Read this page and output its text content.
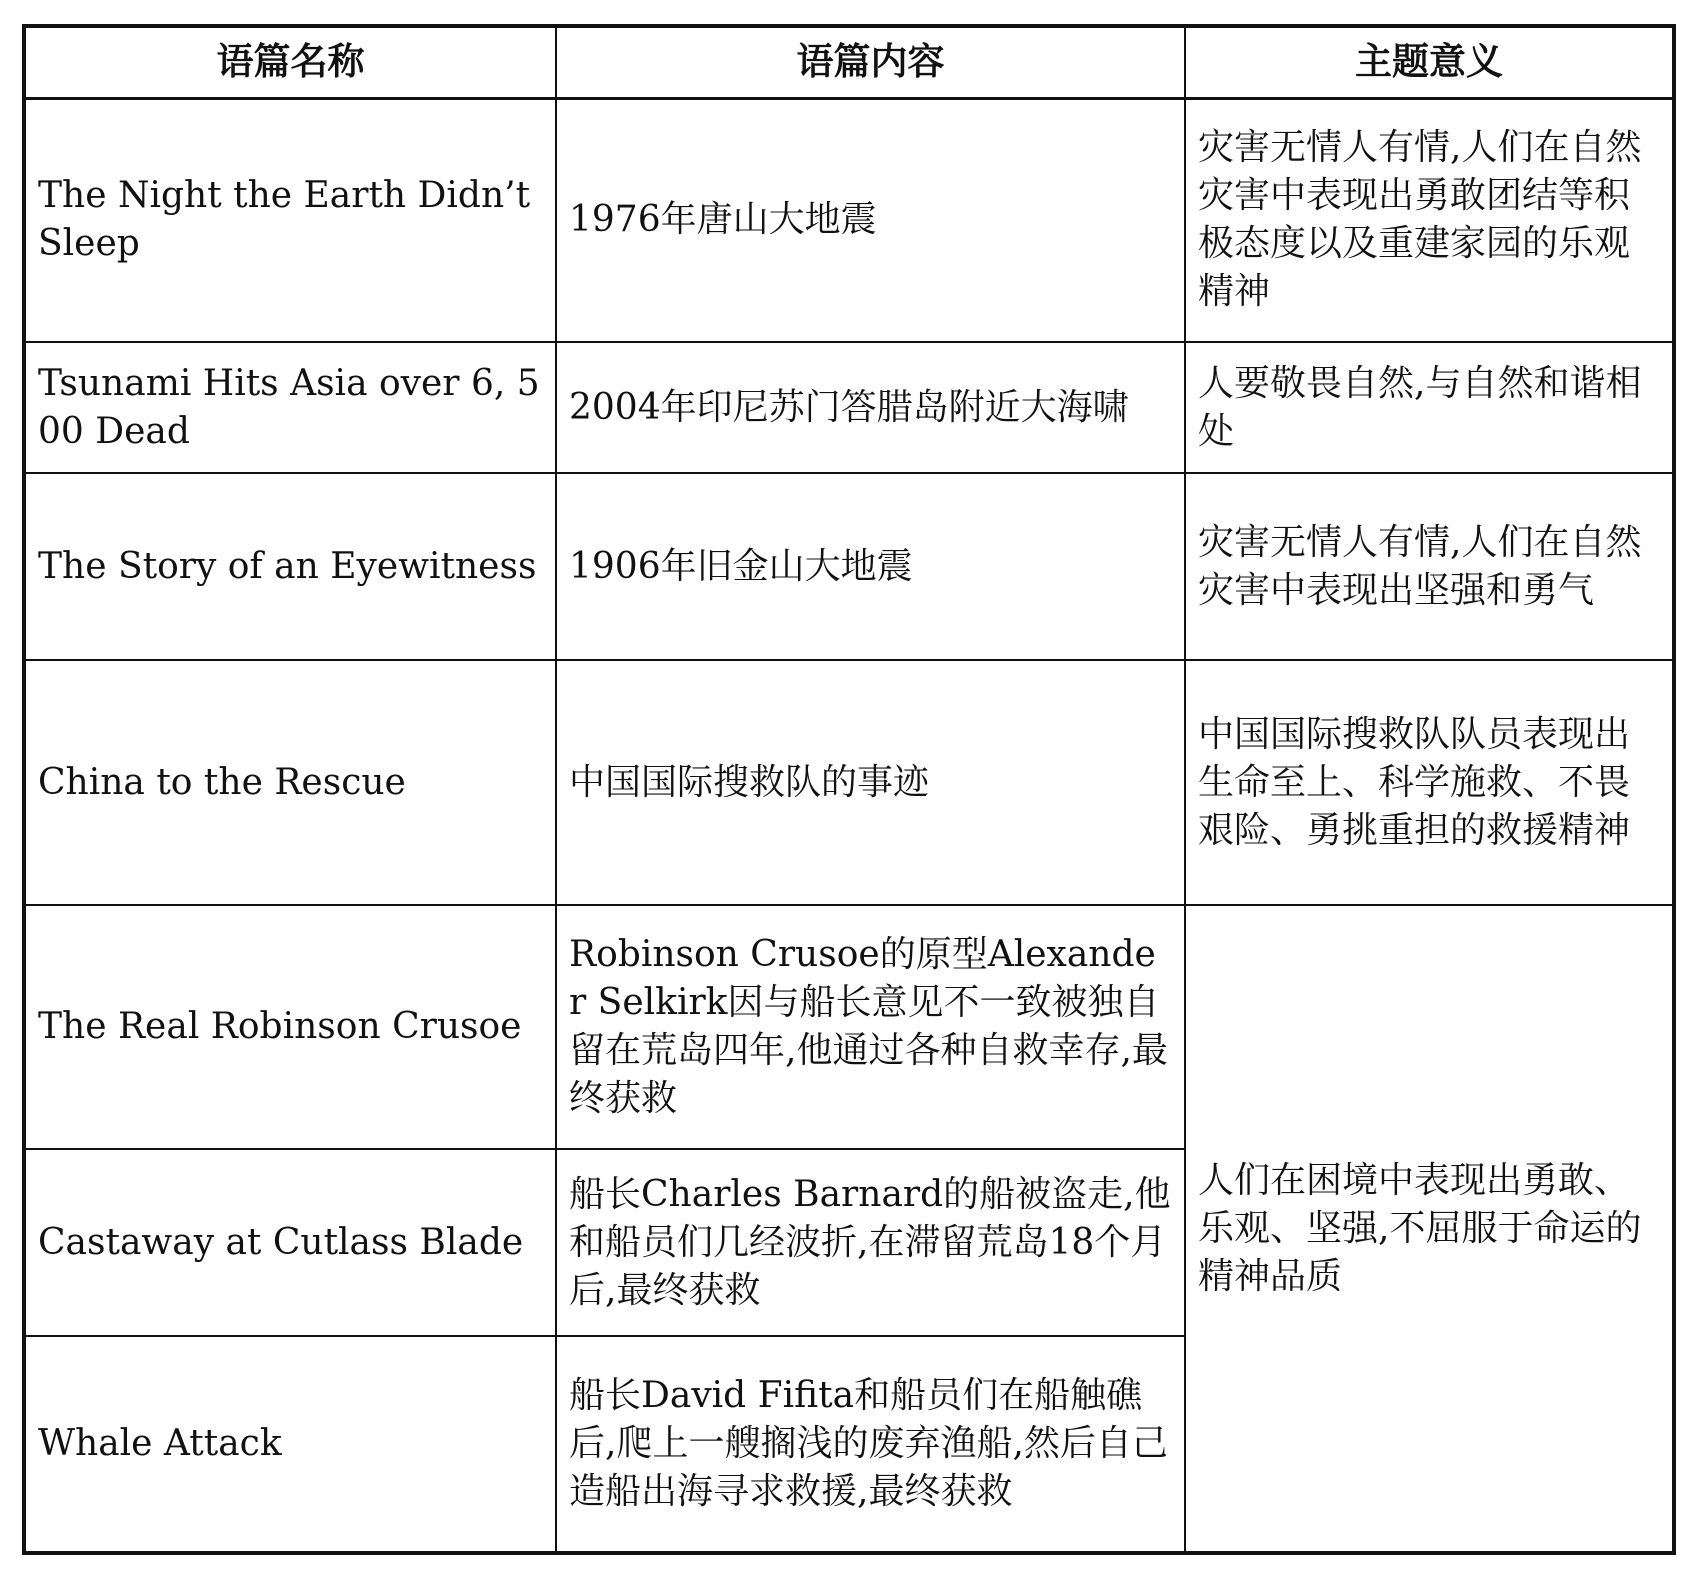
语篇名称	语篇内容	主题意义
The Night the Earth Didn’t Sleep	1976年唐山大地震	灾害无情人有情,人们在自然灾害中表现出勇敢团结等积极态度以及重建家园的乐观精神
Tsunami Hits Asia over 6, 500 Dead	2004年印尼苏门答腊岛附近大海啸	人要敬畏自然,与自然和谐相处
The Story of an Eyewitness	1906年旧金山大地震	灾害无情人有情,人们在自然灾害中表现出坚强和勇气
China to the Rescue	中国国际搜救队的事迹	中国国际搜救队队员表现出生命至上、科学施救、不畏艰险、勇挑重担的救援精神
The Real Robinson Crusoe	Robinson Crusoe的原型Alexander Selkirk因与船长意见不一致被独自留在荒岛四年,他通过各种自救幸存,最终获救	人们在困境中表现出勇敢、乐观、坚强,不屈服于命运的精神品质
Castaway at Cutlass Blade	船长Charles Barnard的船被盗走,他和船员们几经波折,在滞留荒岛18个月后,最终获救	
Whale Attack	船长David Fifita和船员们在船触礁后,爬上一艘搁浅的废弃渔船,然后自己造船出海寻求救援,最终获救	
